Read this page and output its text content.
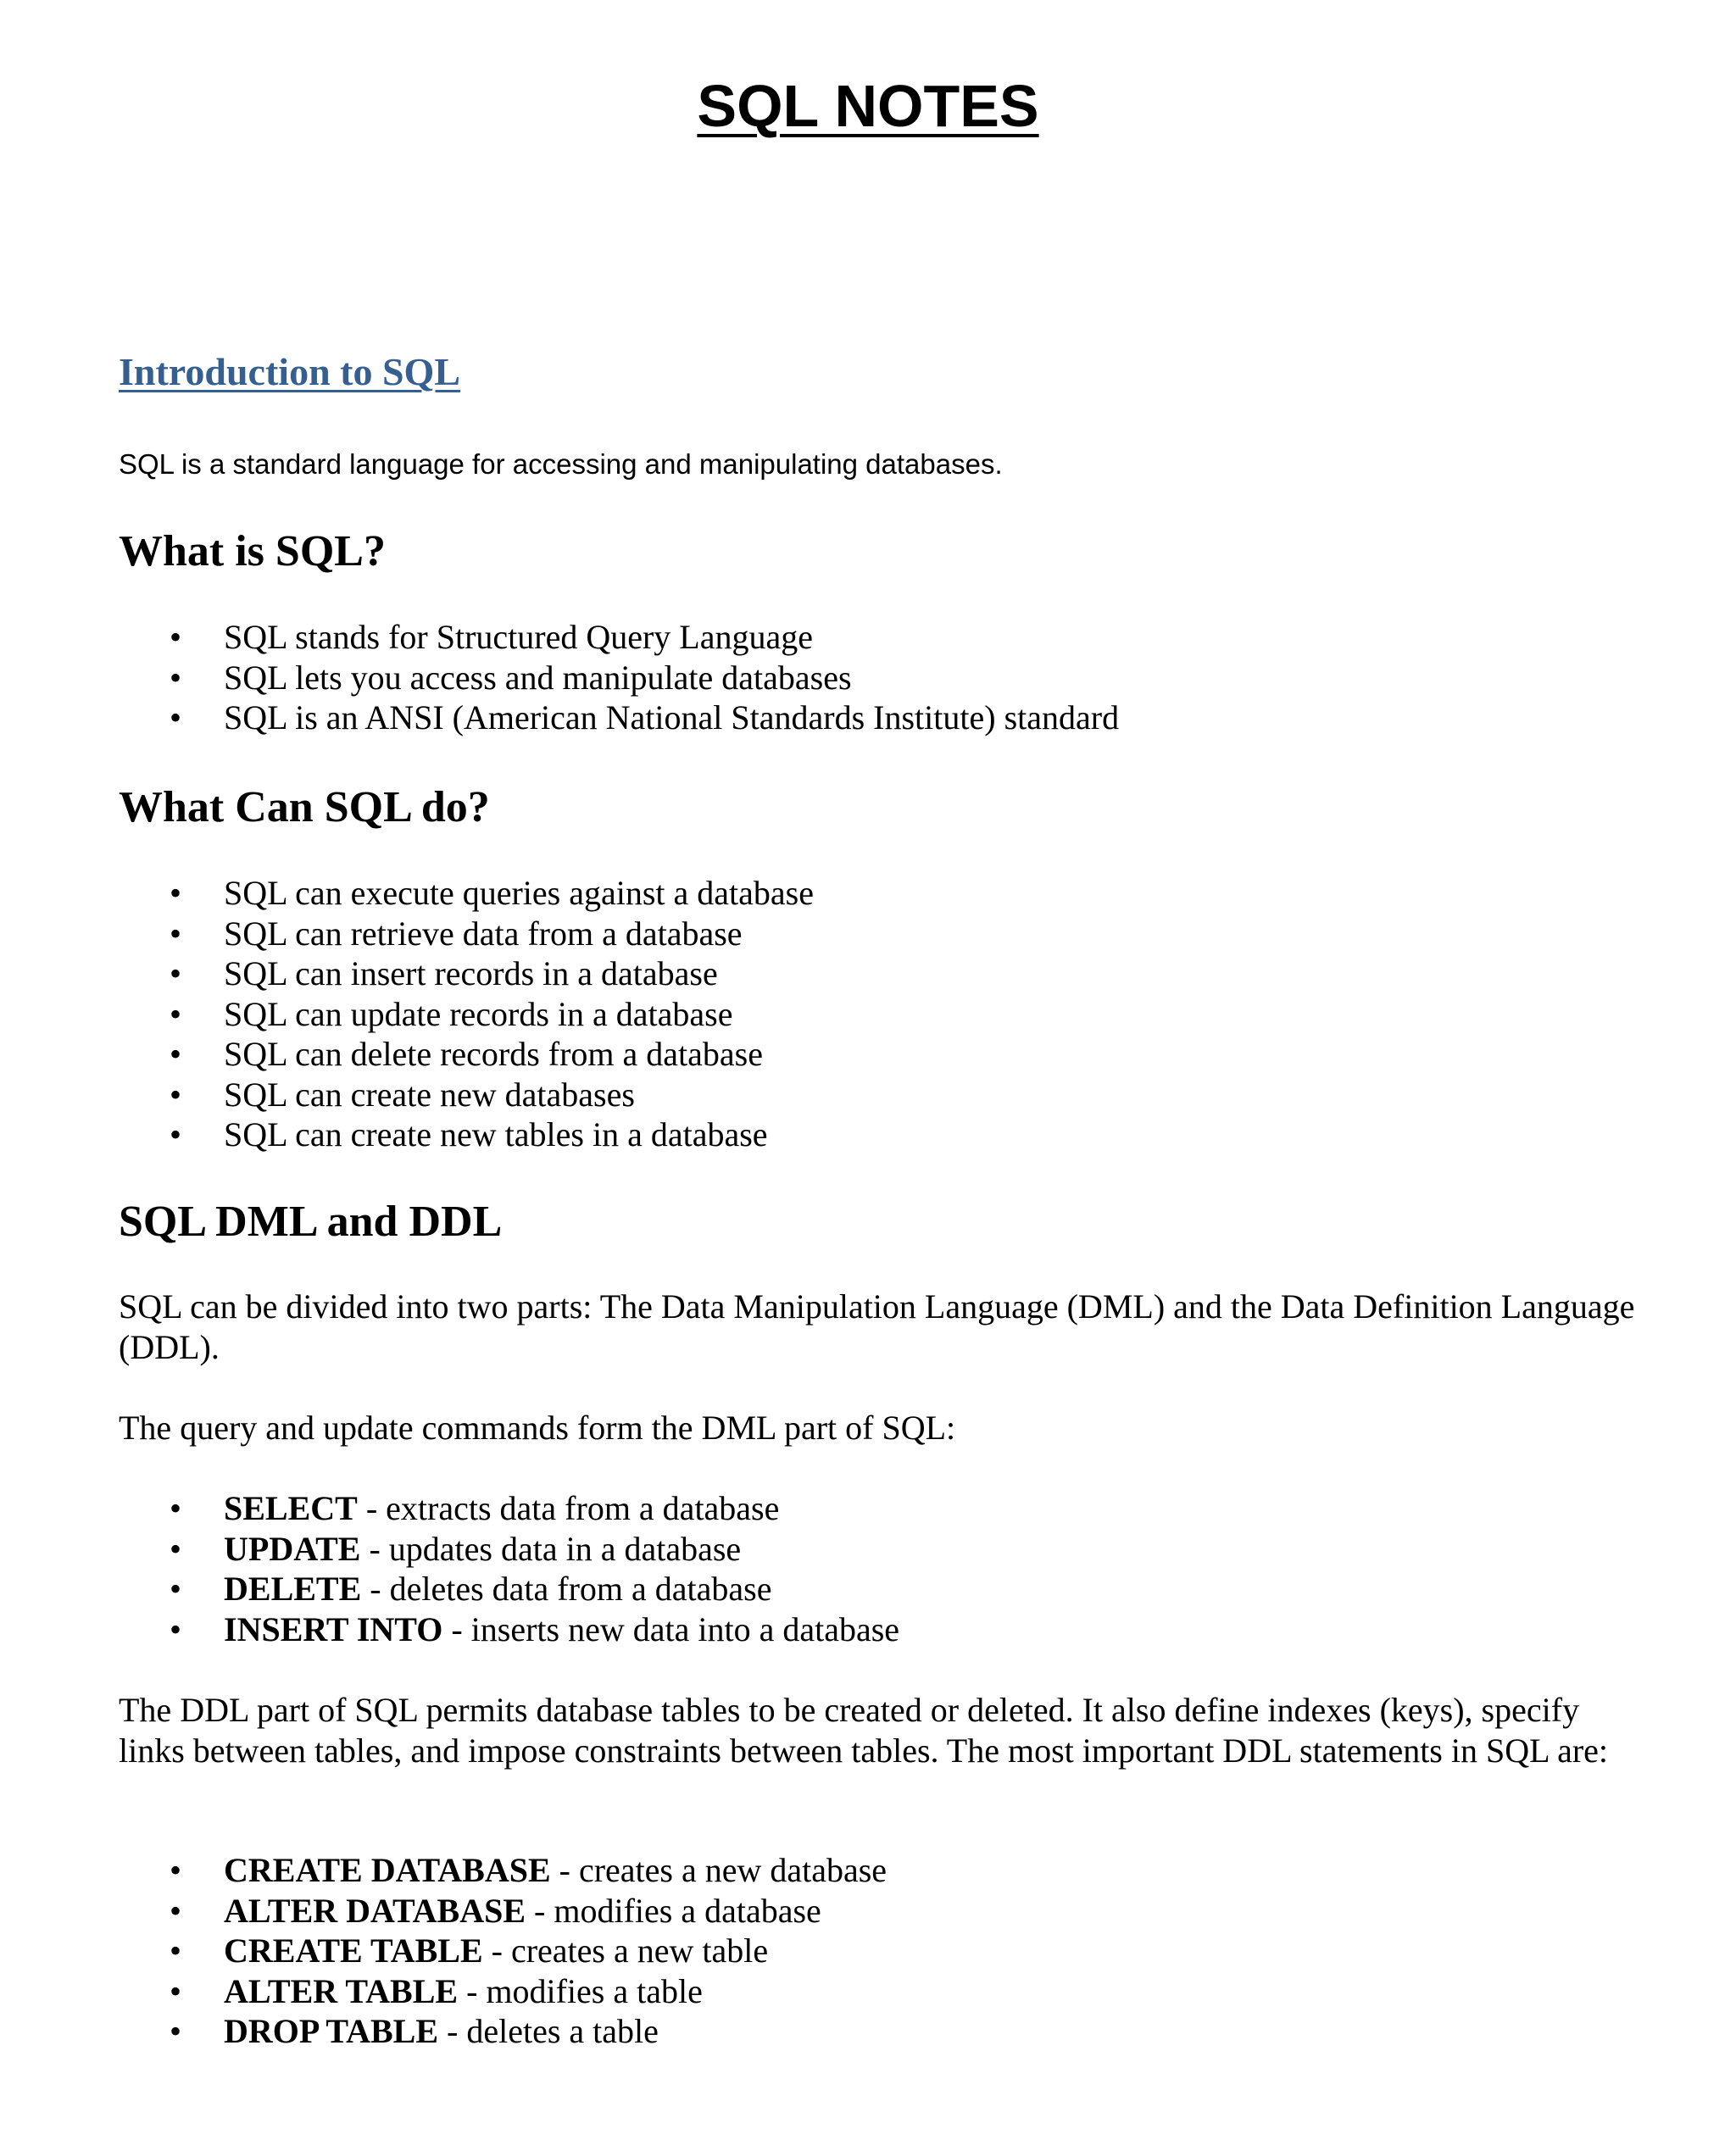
SQL NOTES
Introduction to SQL

SQL is a standard language for accessing and manipulating databases.

What is SQL?
• SQL stands for Structured Query Language
• SQL lets you access and manipulate databases
• SQL is an ANSI (American National Standards Institute) standard
What Can SQL do?
• SQL can execute queries against a database
• SQL can retrieve data from a database
• SQL can insert records in a database
• SQL can update records in a database
• SQL can delete records from a database
• SQL can create new databases
• SQL can create new tables in a database
SQL DML and DDL

SQL can be divided into two parts: The Data Manipulation Language (DML) and the Data Definition Language (DDL).

The query and update commands form the DML part of SQL:

• SELECT - extracts data from a database
• UPDATE - updates data in a database
• DELETE - deletes data from a database
• INSERT INTO - inserts new data into a database

The DDL part of SQL permits database tables to be created or deleted. It also define indexes (keys), specify links between tables, and impose constraints between tables. The most important DDL statements in SQL are:

• CREATE DATABASE - creates a new database
• ALTER DATABASE - modifies a database
• CREATE TABLE - creates a new table
• ALTER TABLE - modifies a table
• DROP TABLE - deletes a table
